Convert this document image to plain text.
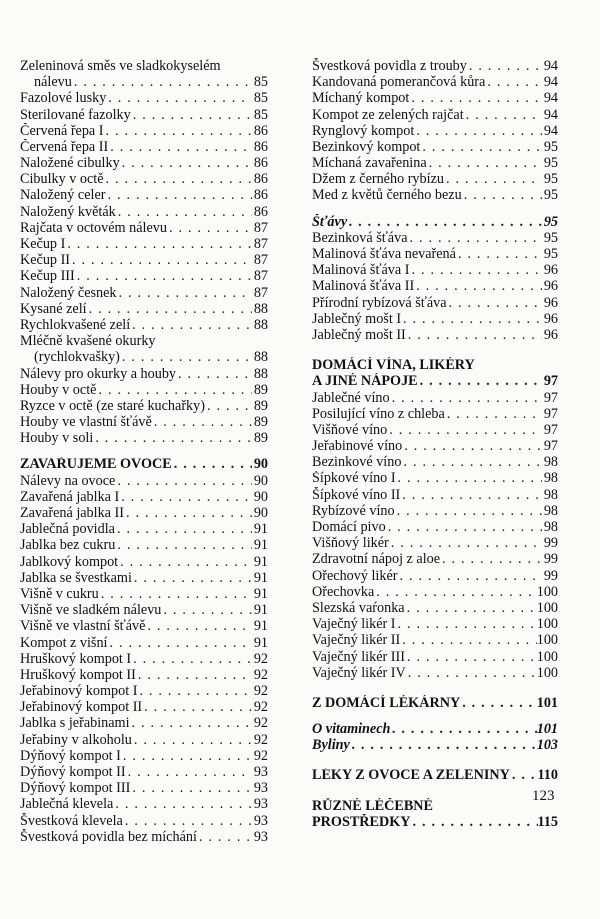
Zeleninová směs ve sladkokyselém
nálevu . . .	85
Fazolové lusky . . .	85
Sterilované fazolky . . .	85
Červená řepa I . . .	86
Červená řepa II . . .	86
Naložené cibulky . . .	86
Cibulky v octě . . .	86
Naložený celer . . .	86
Naložený květák . . .	86
Rajčata v octovém nálevu . . .	87
Kečup I . . .	87
Kečup II . . .	87
Kečup III . . .	87
Naložený česnek . . .	87
Kysané zelí . . .	88
Rychlokvašené zelí . . .	88
Mléčně kvašené okurky
(rychlokvašky) . . .	88
Nálevy pro okurky a houby . . .	88
Houby v octě . . .	89
Ryzce v octě (ze staré kuchařky) . . .	89
Houby ve vlastní šťávě . . .	89
Houby v soli . . .	89
ZAVAŘUJEME OVOCE . . .	90
Nálevy na ovoce . . .	90
Zavařená jablka I . . .	90
Zavařená jablka II . . .	90
Jablečná povidla . . .	91
Jablka bez cukru . . .	91
Jablkový kompot . . .	91
Jablka se švestkami . . .	91
Višně v cukru . . .	91
Višně ve sladkém nálevu . . .	91
Višně ve vlastní šťávě . . .	91
Kompot z višní . . .	91
Hruškový kompot I . . .	92
Hruškový kompot II . . .	92
Jeřabinový kompot I . . .	92
Jeřabinový kompot II . . .	92
Jablka s jeřabinami . . .	92
Jeřabiny v alkoholu . . .	92
Dýňový kompot I . . .	92
Dýňový kompot II . . .	93
Dýňový kompot III . . .	93
Jablečná klevela . . .	93
Švestková klevela . . .	93
Švestková povidla bez míchání . . .	93
Švestková povidla z trouby . . .	94
Kandovaná pomerančová kůra . . .	94
Míchaný kompot . . .	94
Kompot ze zelených rajčat . . .	94
Rynglový kompot . . .	94
Bezinkový kompot . . .	95
Míchaná zavařenina . . .	95
Džem z černého rybízu . . .	95
Med z květů černého bezu . . .	95
Šťávy . . .	95
Bezinková šťáva . . .	95
Malinová šťáva nevařená . . .	95
Malinová šťáva I . . .	96
Malinová šťáva II . . .	96
Přírodní rybízová šťáva . . .	96
Jablečný mošt I . . .	96
Jablečný mošt II . . .	96
DOMÁCÍ VÍNA, LIKÉRY
A JINÉ NÁPOJE . . .	97
Jablečné víno . . .	97
Posilující víno z chleba . . .	97
Višňové víno . . .	97
Jeřabinové víno . . .	97
Bezinkové víno . . .	98
Šípkové víno I . . .	98
Šípkové víno II . . .	98
Rybízové víno . . .	98
Domácí pivo . . .	98
Višňový likér . . .	99
Zdravotní nápoj z aloe . . .	99
Ořechový likér . . .	99
Ořechovka . . .	100
Slezská vaŕonka . . .	100
Vaječný likér I . . .	100
Vaječný likér II . . .	100
Vaječný likér III . . .	100
Vaječný likér IV . . .	100
Z DOMÁCÍ LÉKÁRNY . . .	101
O vitaminech . . .	101
Byliny . . .	103
LÉKY Z OVOCE A ZELENINY . . . 110
RŮZNÉ LÉČEBNÉ
PROSTŘEDKY . . .	115
123
